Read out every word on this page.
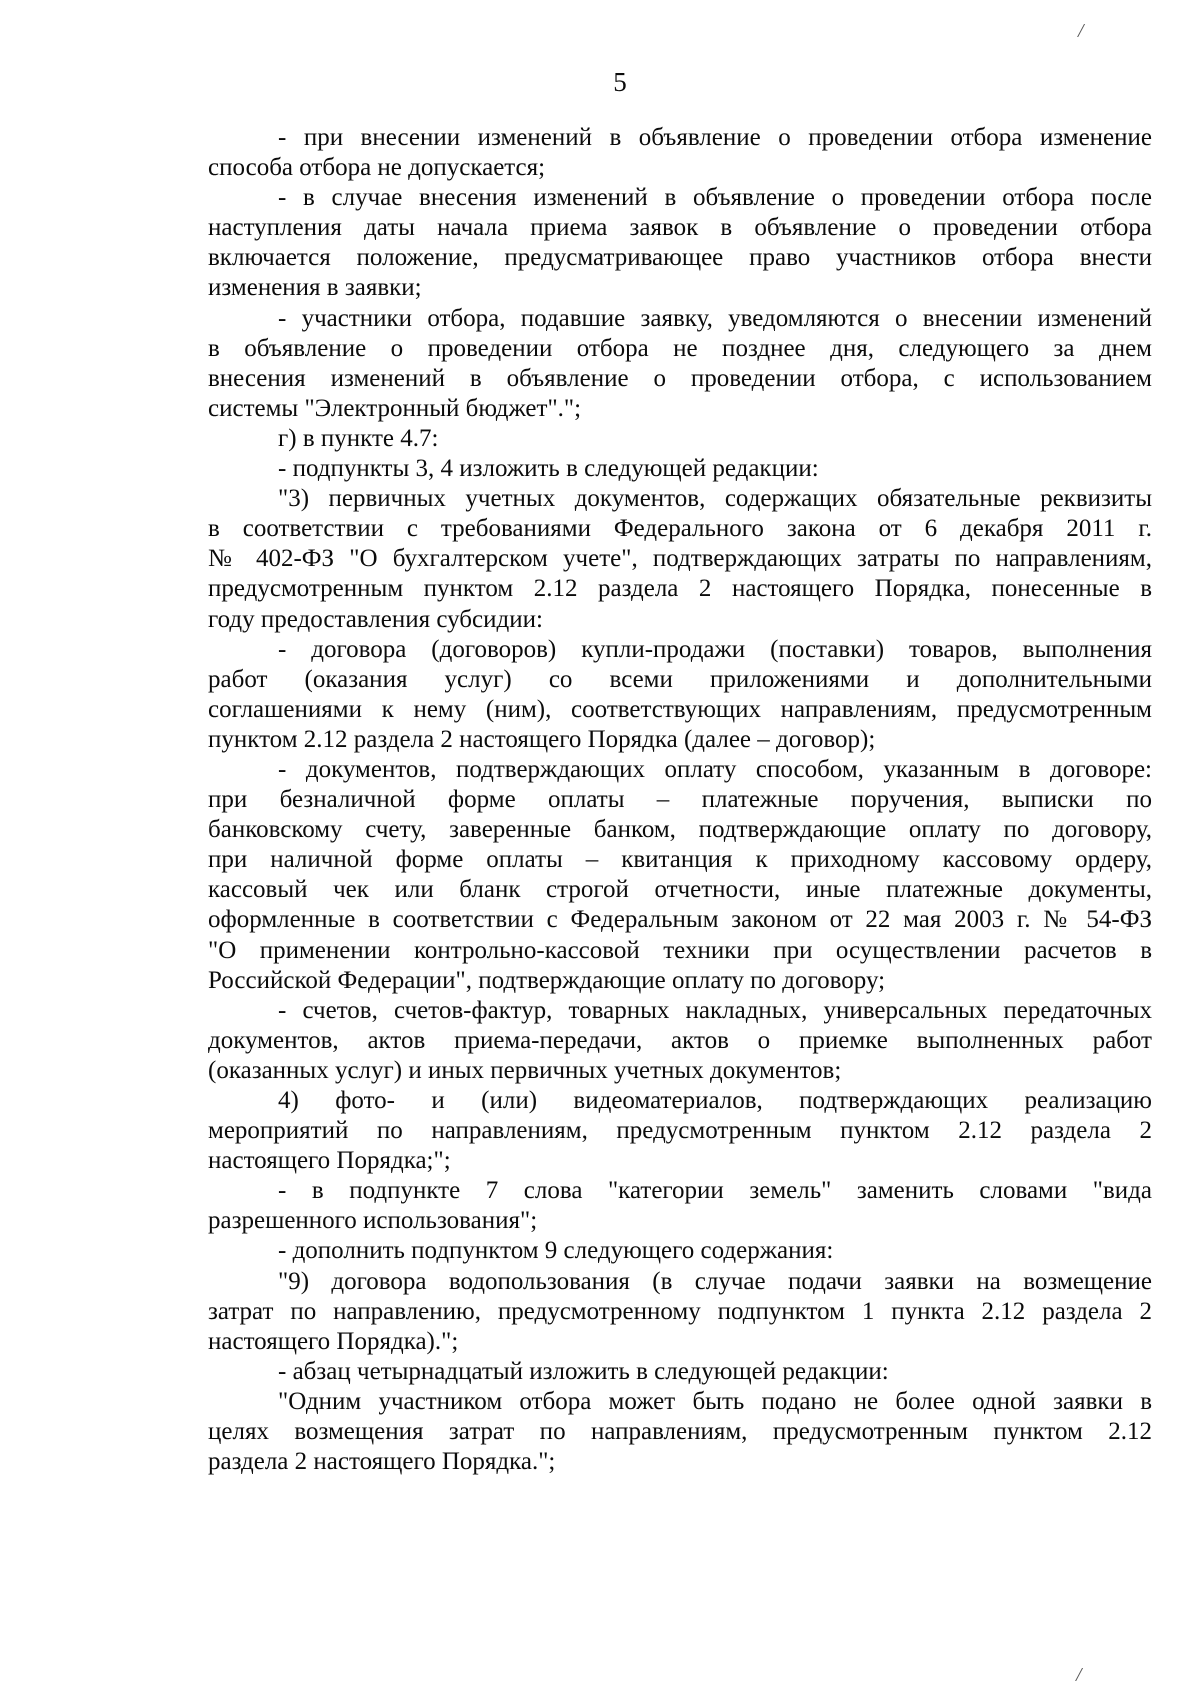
/
5
- при внесении изменений в объявление о проведении отбора изменение
способа отбора не допускается;
- в случае внесения изменений в объявление о проведении отбора после
наступления даты начала приема заявок в объявление о проведении отбора
включается положение, предусматривающее право участников отбора внести
изменения в заявки;
- участники отбора, подавшие заявку, уведомляются о внесении изменений
в объявление о проведении отбора не позднее дня, следующего за днем
внесения изменений в объявление о проведении отбора, с использованием
системы "Электронный бюджет".";
г) в пункте 4.7:
- подпункты 3, 4 изложить в следующей редакции:
"3) первичных учетных документов, содержащих обязательные реквизиты
в соответствии с требованиями Федерального закона от 6 декабря 2011 г.
№ 402-ФЗ "О бухгалтерском учете", подтверждающих затраты по направлениям,
предусмотренным пунктом 2.12 раздела 2 настоящего Порядка, понесенные в
году предоставления субсидии:
- договора (договоров) купли-продажи (поставки) товаров, выполнения
работ (оказания услуг) со всеми приложениями и дополнительными
соглашениями к нему (ним), соответствующих направлениям, предусмотренным
пунктом 2.12 раздела 2 настоящего Порядка (далее – договор);
- документов, подтверждающих оплату способом, указанным в договоре:
при безналичной форме оплаты – платежные поручения, выписки по
банковскому счету, заверенные банком, подтверждающие оплату по договору,
при наличной форме оплаты – квитанция к приходному кассовому ордеру,
кассовый чек или бланк строгой отчетности, иные платежные документы,
оформленные в соответствии с Федеральным законом от 22 мая 2003 г. № 54-ФЗ
"О применении контрольно-кассовой техники при осуществлении расчетов в
Российской Федерации", подтверждающие оплату по договору;
- счетов, счетов-фактур, товарных накладных, универсальных передаточных
документов, актов приема-передачи, актов о приемке выполненных работ
(оказанных услуг) и иных первичных учетных документов;
4) фото- и (или) видеоматериалов, подтверждающих реализацию
мероприятий по направлениям, предусмотренным пунктом 2.12 раздела 2
настоящего Порядка;";
- в подпункте 7 слова "категории земель" заменить словами "вида
разрешенного использования";
- дополнить подпунктом 9 следующего содержания:
"9) договора водопользования (в случае подачи заявки на возмещение
затрат по направлению, предусмотренному подпунктом 1 пункта 2.12 раздела 2
настоящего Порядка).";
- абзац четырнадцатый изложить в следующей редакции:
"Одним участником отбора может быть подано не более одной заявки в
целях возмещения затрат по направлениям, предусмотренным пунктом 2.12
раздела 2 настоящего Порядка.";
/
